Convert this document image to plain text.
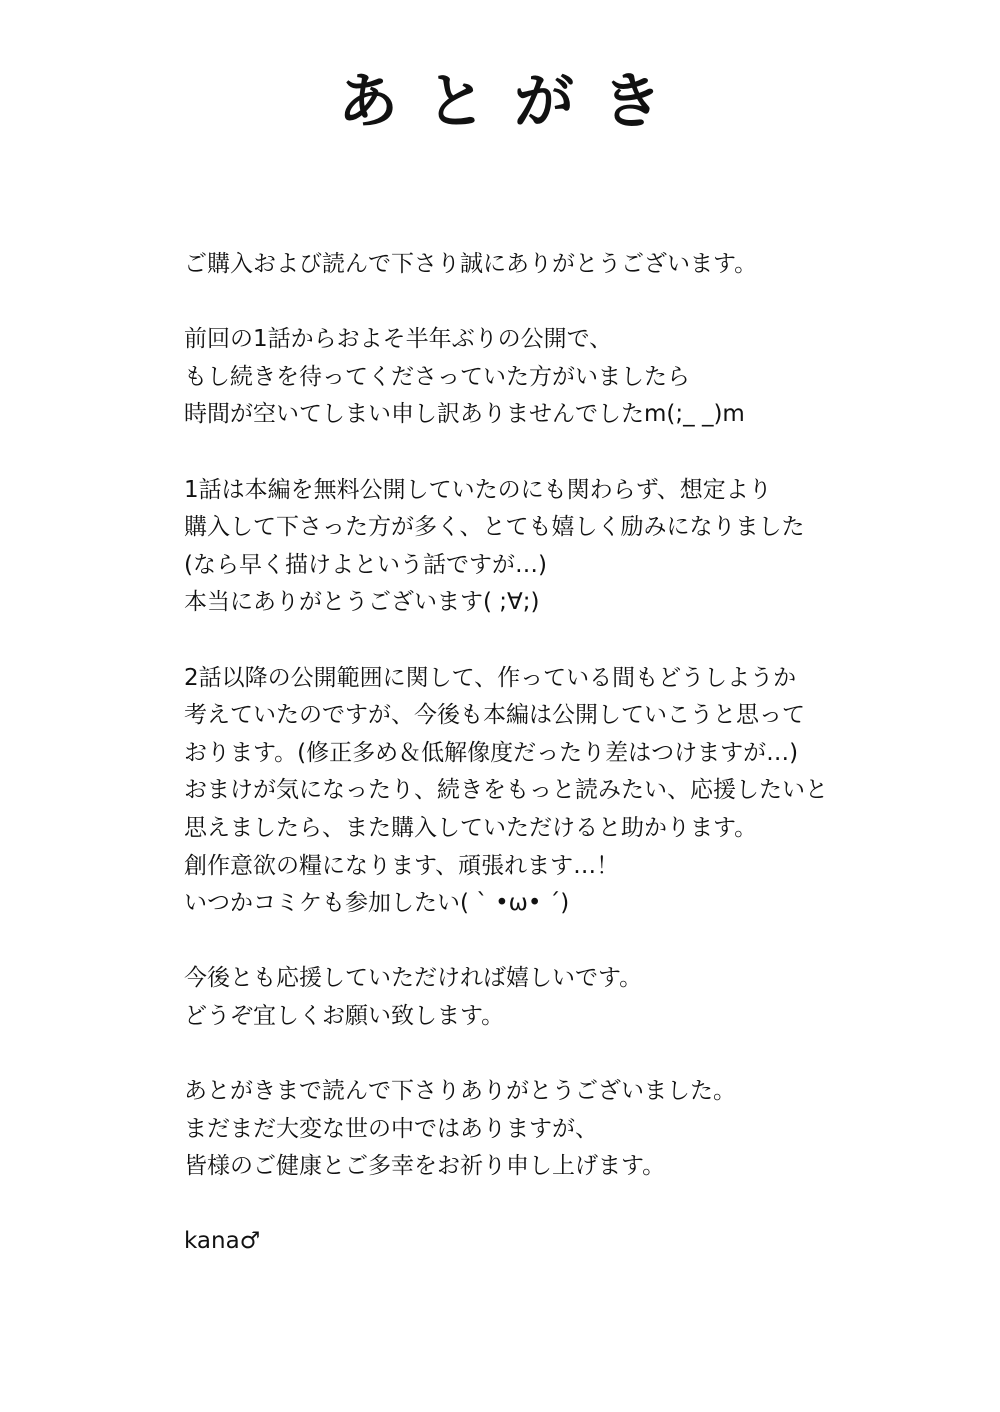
あとがき
ご購入および読んで下さり誠にありがとうございます。
前回の1話からおよそ半年ぶりの公開で、
もし続きを待ってくださっていた方がいましたら
時間が空いてしまい申し訳ありませんでしたm(;_ _)m
1話は本編を無料公開していたのにも関わらず、想定より
購入して下さった方が多く、とても嬉しく励みになりました
(なら早く描けよという話ですが…)
本当にありがとうございます( ;∀;)
2話以降の公開範囲に関して、作っている間もどうしようか
考えていたのですが、今後も本編は公開していこうと思って
おります。(修正多め＆低解像度だったり差はつけますが…)
おまけが気になったり、続きをもっと読みたい、応援したいと
思えましたら、また購入していただけると助かります。
創作意欲の糧になります、頑張れます…！
いつかコミケも参加したい( ˋ •ω• ˊ)
今後とも応援していただければ嬉しいです。
どうぞ宜しくお願い致します。
あとがきまで読んで下さりありがとうございました。
まだまだ大変な世の中ではありますが、
皆様のご健康とご多幸をお祈り申し上げます。
kana♂
